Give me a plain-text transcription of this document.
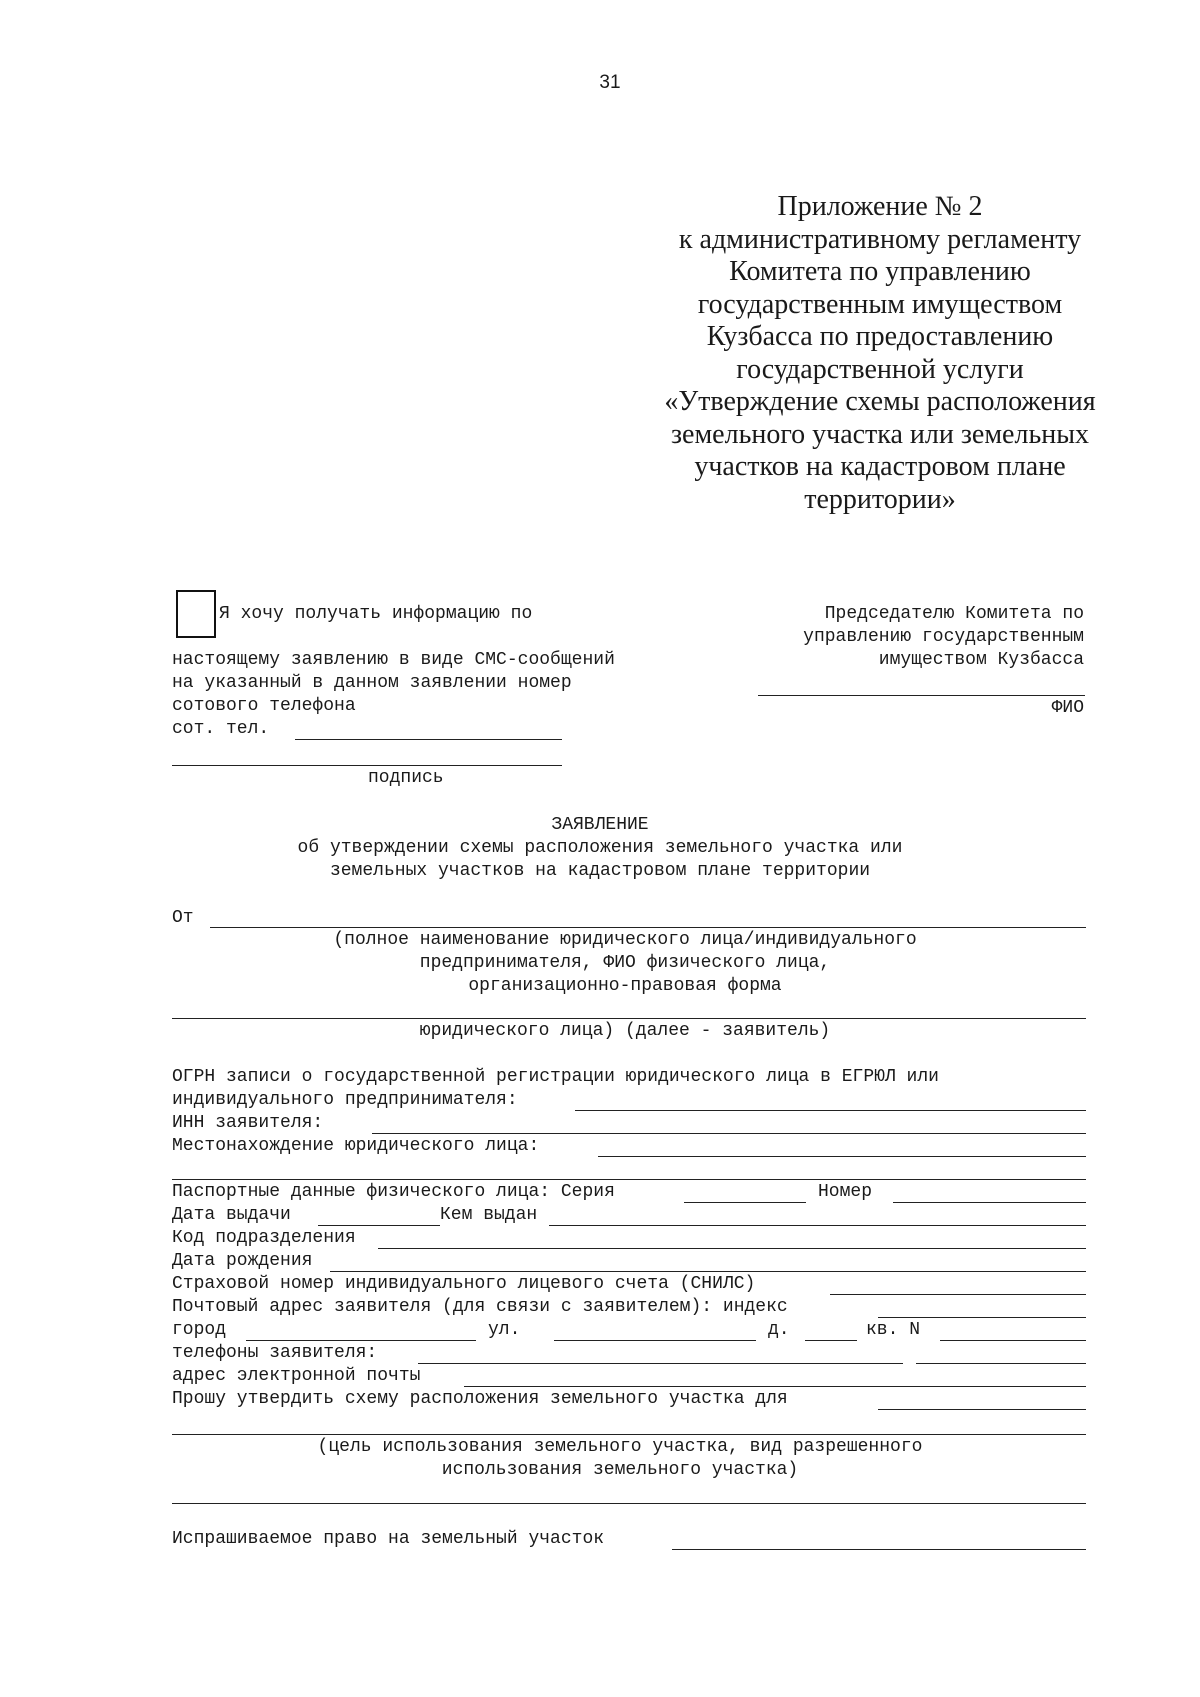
31
Приложение № 2
к административному регламенту
Комитета по управлению
государственным имуществом
Кузбасса по предоставлению
государственной услуги
«Утверждение схемы расположения
земельного участка или земельных
участков на кадастровом плане
территории»
Я хочу получать информацию по
настоящему заявлению в виде СМС-сообщений
на указанный в данном заявлении номер
сотового телефона
сот. тел.
подпись
Председателю Комитета по
управлению государственным
имуществом Кузбасса
ФИО
ЗАЯВЛЕНИЕ
об утверждении схемы расположения земельного участка или
земельных участков на кадастровом плане территории
От
(полное наименование юридического лица/индивидуального
предпринимателя, ФИО физического лица,
организационно-правовая форма
юридического лица) (далее - заявитель)
ОГРН записи о государственной регистрации юридического лица в ЕГРЮЛ или
индивидуального предпринимателя:
ИНН заявителя:
Местонахождение юридического лица:
Паспортные данные физического лица: Серия	Номер
Дата выдачи	Кем выдан
Код подразделения
Дата рождения
Страховой номер индивидуального лицевого счета (СНИЛС)
Почтовый адрес заявителя (для связи с заявителем): индекс
город	ул.	д.	кв. N
телефоны заявителя:
адрес электронной почты
Прошу утвердить схему расположения земельного участка для
(цель использования земельного участка, вид разрешенного
использования земельного участка)
Испрашиваемое право на земельный участок
